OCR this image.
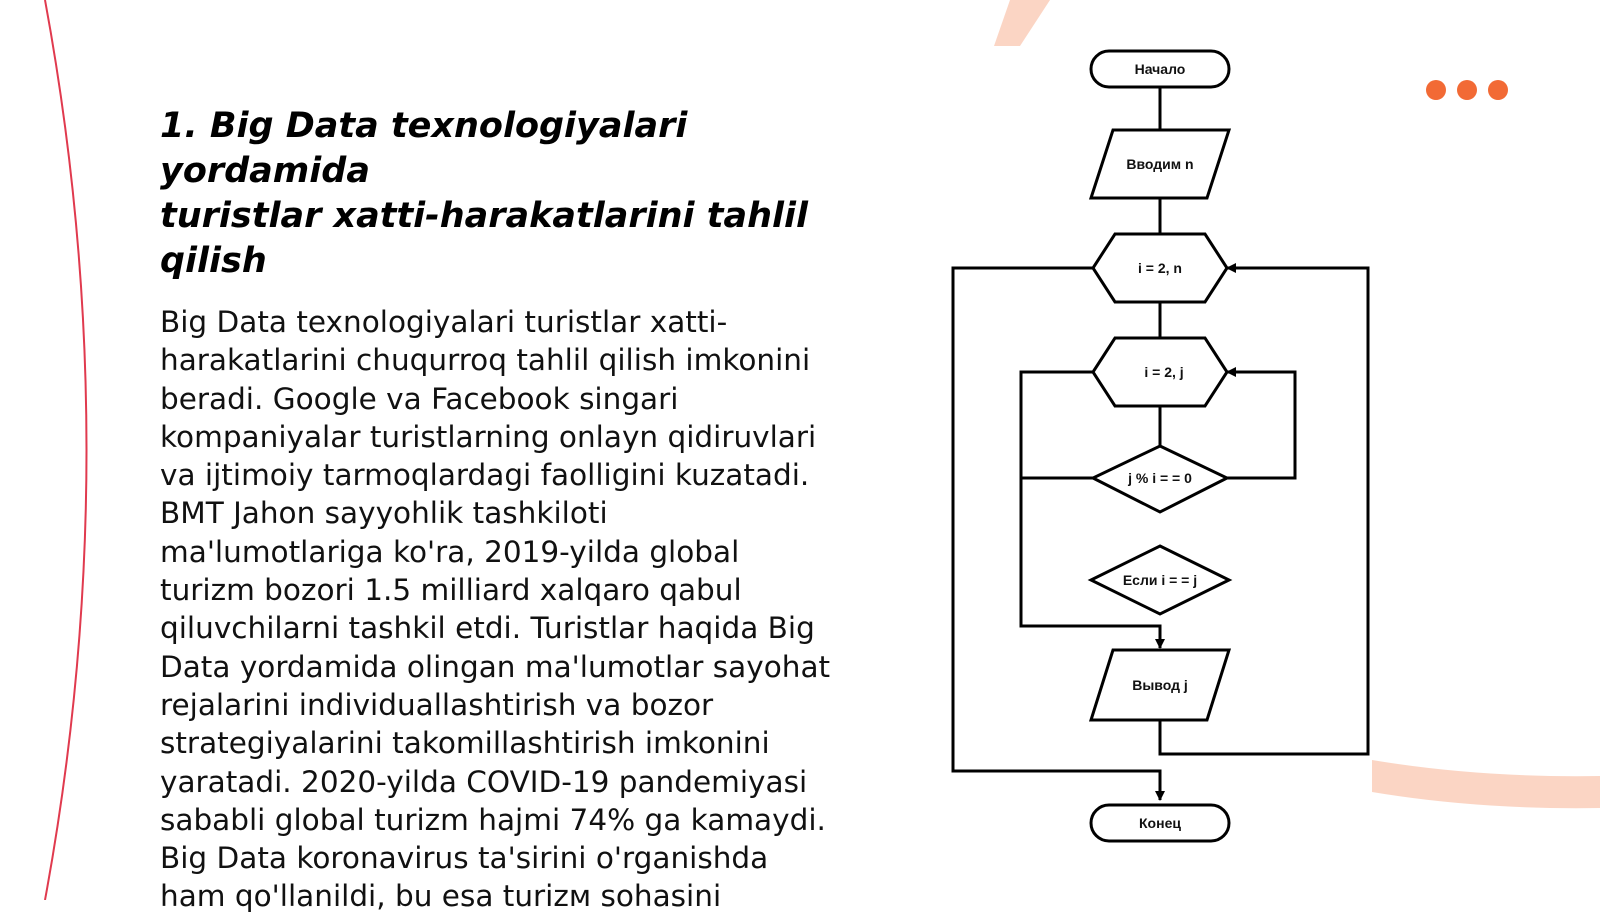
1. Big Data texnologiyalari yordamida
turistlar xatti-harakatlarini tahlil
qilish

Big Data texnologiyalari turistlar xatti-
harakatlarini chuqurroq tahlil qilish imkonini
beradi. Google va Facebook singari
kompaniyalar turistlarning onlayn qidiruvlari
va ijtimoiy tarmoqlardagi faolligini kuzatadi.
BMT Jahon sayyohlik tashkiloti
ma'lumotlariga ko'ra, 2019-yilda global
turizm bozori 1.5 milliard xalqaro qabul
qiluvchilarni tashkil etdi. Turistlar haqida Big
Data yordamida olingan ma'lumotlar sayohat
rejalarini individuallashtirish va bozor
strategiyalarini takomillashtirish imkonini
yaratadi. 2020-yilda COVID-19 pandemiyasi
sababli global turizm hajmi 74% ga kamaydi.
Big Data koronavirus ta'sirini o'rganishda
ham qo'llanildi, bu esa turizм sohasini

Начало
Вводим n
i = 2, n
i = 2, j
j % i = = 0
Если i = = j
Вывод j
Конец
